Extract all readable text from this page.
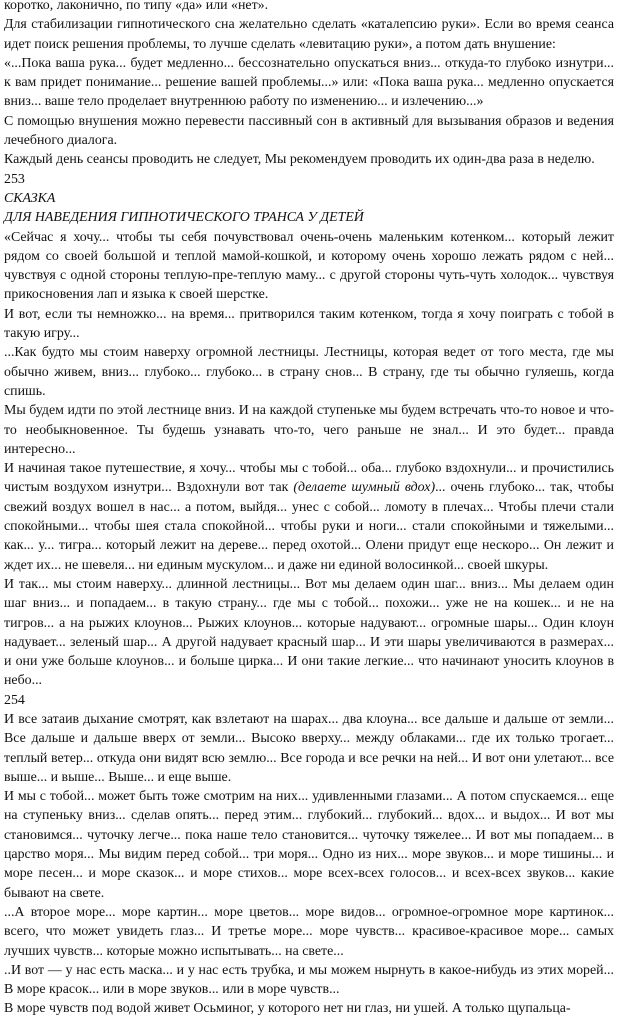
коротко, лаконично, по типу «да» или «нет».

Для стабилизации гипнотического сна желательно сделать «каталепсию руки». Если во время сеанса идет поиск решения проблемы, то лучше сделать «левитацию руки», а потом дать внушение:

«...Пока ваша рука... будет медленно... бессознательно опускаться вниз... откуда-то глубоко изнутри... к вам придет понимание... решение вашей проблемы...» или: «Пока ваша рука... медленно опускается вниз... ваше тело проделает внутреннюю работу по изменению... и излечению...»

С помощью внушения можно перевести пассивный сон в активный для вызывания образов и ведения лечебного диалога.

Каждый день сеансы проводить не следует, Мы рекомендуем проводить их один-два раза в неделю.

253

СКАЗКА

ДЛЯ НАВЕДЕНИЯ ГИПНОТИЧЕСКОГО ТРАНСА У ДЕТЕЙ

«Сейчас я хочу... чтобы ты себя почувствовал очень-очень маленьким котенком... который лежит рядом со своей большой и теплой мамой-кошкой, и которому очень хорошо лежать рядом с ней... чувствуя с одной стороны теплую-пре-теплую маму... с другой стороны чуть-чуть холодок... чувствуя прикосновения лап и языка к своей шерстке.

И вот, если ты немножко... на время... притворился таким котенком, тогда я хочу поиграть с тобой в такую игру...

...Как будто мы стоим наверху огромной лестницы. Лестницы, которая ведет от того места, где мы обычно живем, вниз... глубоко... глубоко... в страну снов... В страну, где ты обычно гуляешь, когда спишь.

Мы будем идти по этой лестнице вниз. И на каждой ступеньке мы будем встречать что-то новое и что-то необыкновенное. Ты будешь узнавать что-то, чего раньше не знал... И это будет... правда интересно...

И начиная такое путешествие, я хочу... чтобы мы с тобой... оба... глубоко вздохнули... и прочистились чистым воздухом изнутри... Вздохнули вот так (делаете шумный вдох)... очень глубоко... так, чтобы свежий воздух вошел в нас... а потом, выйдя... унес с собой... ломоту в плечах... Чтобы плечи стали спокойными... чтобы шея стала спокойной... чтобы руки и ноги... стали спокойными и тяжелыми... как... у... тигра... который лежит на дереве... перед охотой... Олени придут еще нескоро... Он лежит и ждет их... не шевеля... ни единым мускулом... и даже ни единой волосинкой... своей шкуры.

И так... мы стоим наверху... длинной лестницы... Вот мы делаем один шаг... вниз... Мы делаем один шаг вниз... и попадаем... в такую страну... где мы с тобой... похожи... уже не на кошек... и не на тигров... а на рыжих клоунов... Рыжих клоунов... которые надувают... огромные шары... Один клоун надувает... зеленый шар... А другой надувает красный шар... И эти шары увеличиваются в размерах... и они уже больше клоунов... и больше цирка... И они такие легкие... что начинают уносить клоунов в небо...

254

И все затаив дыхание смотрят, как взлетают на шарах... два клоуна... все дальше и дальше от земли... Все дальше и дальше вверх от земли... Высоко вверху... между облаками... где их только трогает... теплый ветер... откуда они видят всю землю... Все города и все речки на ней... И вот они улетают... все выше... и выше... Выше... и еще выше.

И мы с тобой... может быть тоже смотрим на них... удивленными глазами... А потом спускаемся... еще на ступеньку вниз... сделав опять... перед этим... глубокий... глубокий... вдох... и выдох... И вот мы становимся... чуточку легче... пока наше тело становится... чуточку тяжелее... И вот мы попадаем... в царство моря... Мы видим перед собой... три моря... Одно из них... море звуков... и море тишины... и море песен... и море сказок... и море стихов... море всех-всех голосов... и всех-всех звуков... какие бывают на свете.

...А второе море... море картин... море цветов... море видов... огромное-огромное море картинок... всего, что может увидеть глаз... И третье море... море чувств... красивое-красивое море... самых лучших чувств... которые можно испытывать... на свете...

..И вот — у нас есть маска... и у нас есть трубка, и мы можем нырнуть в какое-нибудь из этих морей... В море красок... или в море звуков... или в море чувств...

В море чувств под водой живет Осьминог, у которого нет ни глаз, ни ушей. А только щупальца-
